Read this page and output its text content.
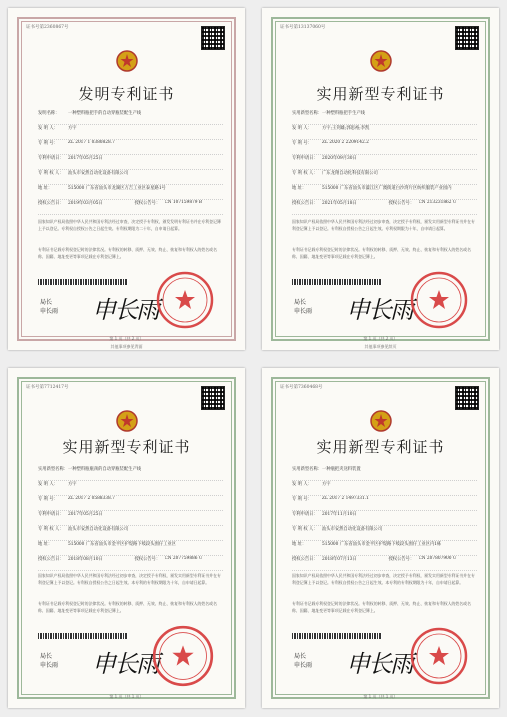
证书号第2360867号
发明专利证书
发明名称：	一种塑料瓶把手的自动穿瓶装配生产线
发 明 人：	方宇
专 利 号：	ZL 2017 1 0380828.7
专利申请日： 2017年05月25日
专 利 权 人：	汕头市安然自动化设备有限公司
地 址：	515000 广东省汕头市龙湖区万吉工业区泰星路1号
授权公告日： 2019年03月05日	授权公告号： CN 107159879 B
国家知识产权局依照中华人民共和国专利法经过审查，决定授予专利权，颁发发明专利证书并在专利登记簿上予以登记。专利权自授权公告之日起生效。专利权期限为二十年，自申请日起算。
专利证书记载专利权登记时的法律状况。专利权的转移、质押、无效、终止、恢复和专利权人的姓名或名称、国籍、地址变更等事项记载在专利登记簿上。
局长
申长雨 申长雨
第 1 页（共 2 页）
其他事项参见背面
证书号第13137060号
实用新型专利证书
实用新型名称： 一种塑料瓶把手生产线
发 明 人：	方宇;王剑雄;郭思裕;李凯
专 利 号：	ZL 2020 2 2209142.2
专利申请日： 2020年09月30日
专 利 权 人：	广东龙翔自动化科技有限公司
地 址：	515000 广东省汕头市濠江区广澳街道白沙湾片区纺织服装产业园内
授权公告日： 2021年05月18日	授权公告号： CN 213231862 U
国家知识产权局依照中华人民共和国专利法经过初步审查，决定授予专利权，颁发实用新型专利证书并在专利登记簿上予以登记。专利权自授权公告之日起生效。专利权期限为十年，自申请日起算。
专利证书记载专利权登记时的法律状况。专利权的转移、质押、无效、终止、恢复和专利权人的姓名或名称、国籍、地址变更等事项记载在专利登记簿上。
局长
申长雨 申长雨
第 1 页（共 2 页）
其他事项参见续页
证书号第7712417号
实用新型专利证书
实用新型名称： 一种塑料瓶瓶颈的自动穿瓶装配生产线
发 明 人：	方宇
专 利 号：	ZL 2017 2 0588338.7
专利申请日： 2017年05月25日
专 利 权 人：	汕头市安然自动化设备有限公司
地 址：	515000 广东省汕头市金平区护堤路下岐段头围仔工业区
授权公告日： 2018年08月10日	授权公告号： CN 207759886 U
国家知识产权局依照中华人民共和国专利法经过初步审查，决定授予专利权，颁发实用新型专利证书并在专利登记簿上予以登记。专利权自授权公告之日起生效。本专利的专利权期限为十年，自申请日起算。
专利证书记载专利权登记时的法律状况。专利权的转移、质押、无效、终止、恢复和专利权人的姓名或名称、国籍、地址变更等事项记载在专利登记簿上。
局长
申长雨 申长雨
第 1 页（共 1 页）
证书号第7360468号
实用新型专利证书
实用新型名称： 一种瓶把夹送料装置
发 明 人：	方宇
专 利 号：	ZL 2017 2 1497331.1
专利申请日： 2017年11月10日
专 利 权 人：	汕头市安然自动化设备有限公司
地 址：	515000 广东省汕头市金平区护堤路下岐段头围仔工业区内1栋
授权公告日： 2018年07月13日	授权公告号： CN 207807900 U
国家知识产权局依照中华人民共和国专利法经过初步审查，决定授予专利权，颁发实用新型专利证书并在专利登记簿上予以登记。专利权自授权公告之日起生效。本专利的专利权期限为十年，自申请日起算。
专利证书记载专利权登记时的法律状况。专利权的转移、质押、无效、终止、恢复和专利权人的姓名或名称、国籍、地址变更等事项记载在专利登记簿上。
局长
申长雨 申长雨
第 1 页（共 1 页）
